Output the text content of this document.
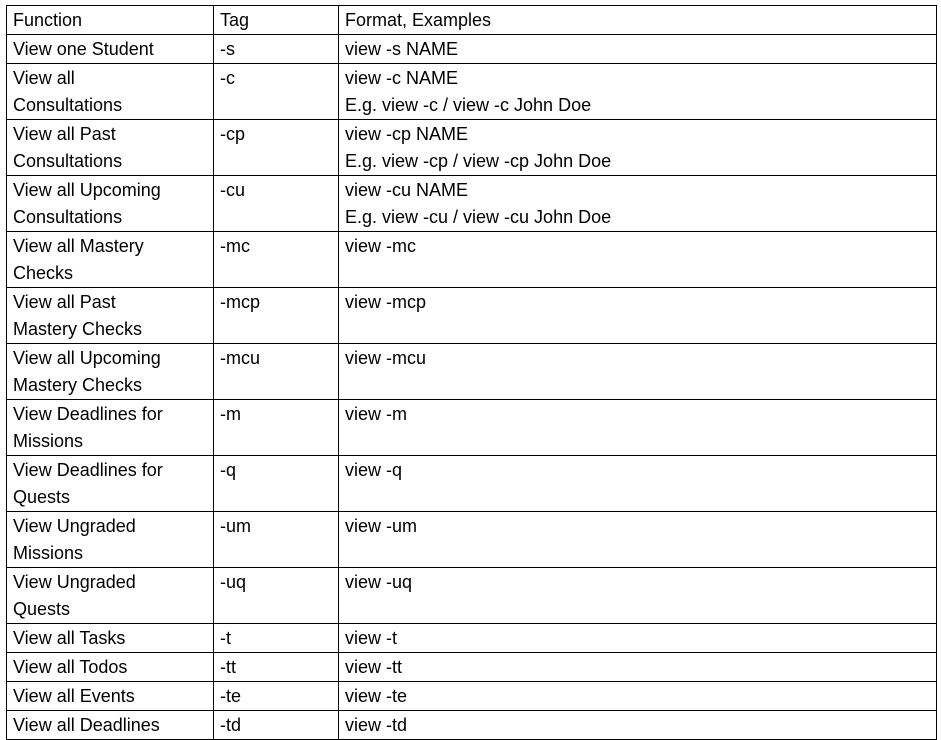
Function	Tag	Format, Examples

View one Student	-s	view -s NAME

View all
Consultations	-c	view -c NAME
E.g. view -c / view -c John Doe

View all Past
Consultations	-cp	view -cp NAME
E.g. view -cp / view -cp John Doe

View all Upcoming
Consultations	-cu	view -cu NAME
E.g. view -cu / view -cu John Doe

View all Mastery
Checks	-mc	view -mc

View all Past
Mastery Checks	-mcp	view -mcp

View all Upcoming
Mastery Checks	-mcu	view -mcu

View Deadlines for
Missions	-m	view -m

View Deadlines for
Quests	-q	view -q

View Ungraded
Missions	-um	view -um

View Ungraded
Quests	-uq	view -uq

View all Tasks	-t	view -t

View all Todos	-tt	view -tt

View all Events	-te	view -te

View all Deadlines	-td	view -td
